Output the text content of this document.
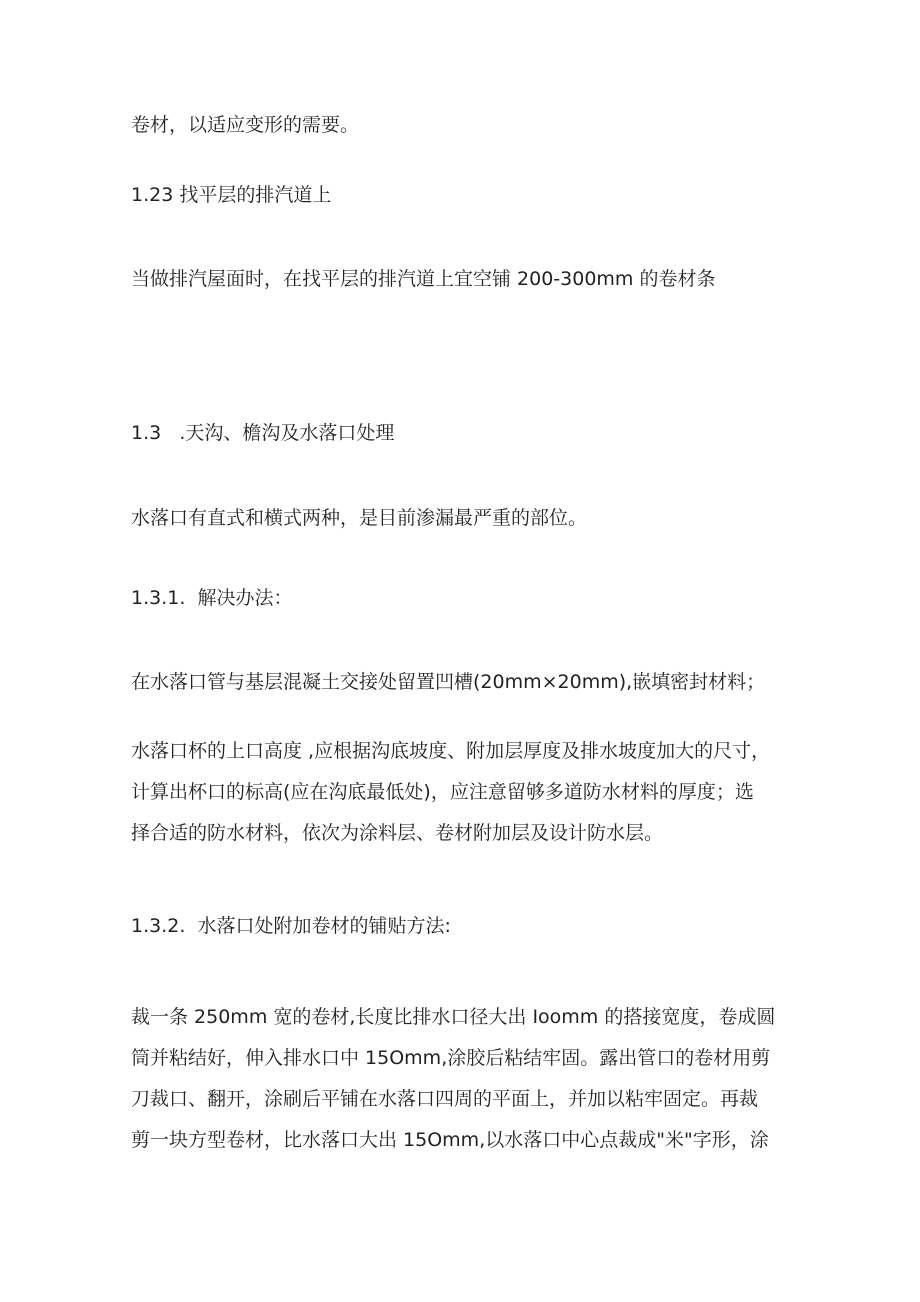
卷材，以适应变形的需要。
1.23 找平层的排汽道上
当做排汽屋面时，在找平层的排汽道上宜空铺 200-300mm 的卷材条
1.3   .天沟、檐沟及水落口处理
水落口有直式和横式两种，是目前渗漏最严重的部位。
1.3.1.  解决办法：
在水落口管与基层混凝土交接处留置凹槽(20mm×20mm),嵌填密封材料；
水落口杯的上口高度 ,应根据沟底坡度、附加层厚度及排水坡度加大的尺寸，
计算出杯口的标高(应在沟底最低处)，应注意留够多道防水材料的厚度；选
择合适的防水材料，依次为涂料层、卷材附加层及设计防水层。
1.3.2.  水落口处附加卷材的铺贴方法:
裁一条 250mm 宽的卷材,长度比排水口径大出 Ioomm 的搭接宽度，卷成圆
筒并粘结好，伸入排水口中 15Omm,涂胶后粘结牢固。露出管口的卷材用剪
刀裁口、翻开，涂刷后平铺在水落口四周的平面上，并加以粘牢固定。再裁
剪一块方型卷材，比水落口大出 15Omm,以水落口中心点裁成"米"字形，涂
